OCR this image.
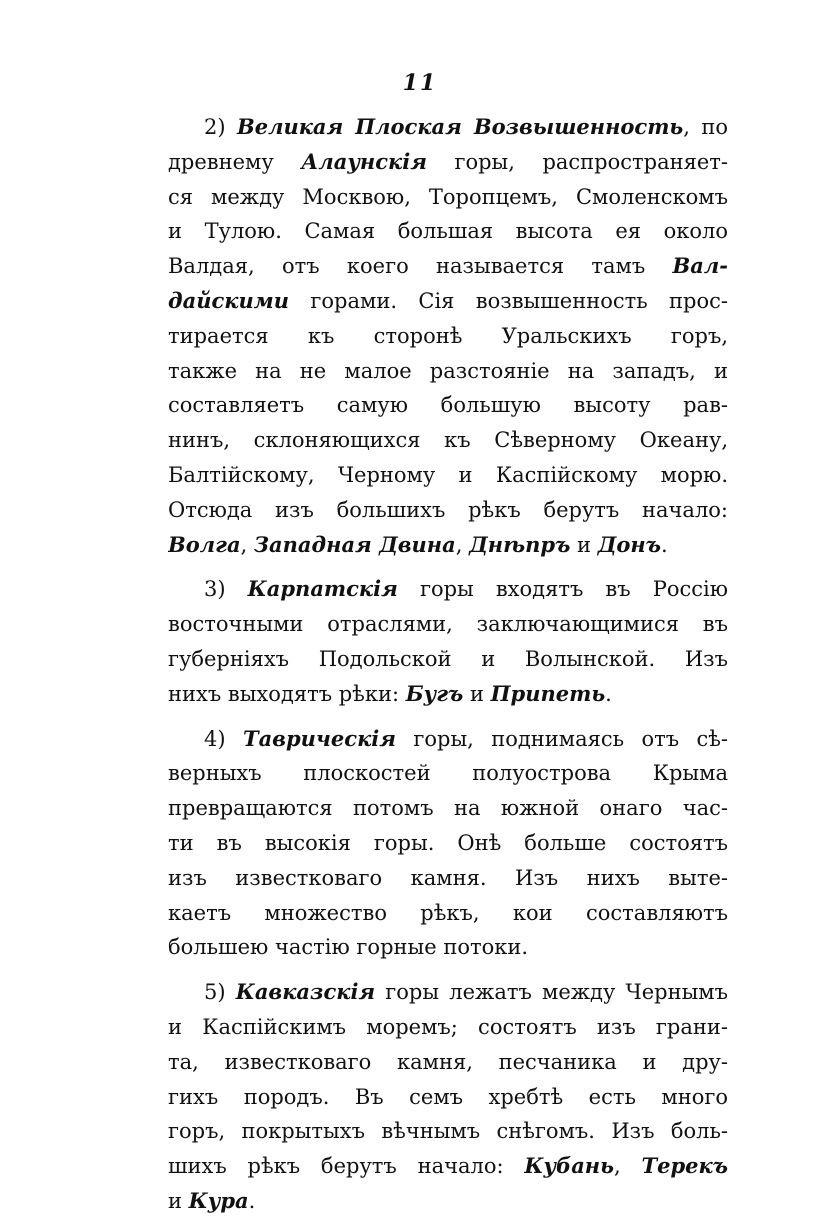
11
2) Великая Плоская Возвышенность, по
древнему Алаунскія горы, распространяет-
ся между Москвою, Торопцемъ, Смоленскомъ
и Тулою. Самая большая высота ея около
Валдая, отъ коего называется тамъ Вал-
дайскими горами. Сія возвышенность прос-
тирается къ сторонѣ Уральскихъ горъ,
также на не малое разстояніе на западъ, и
составляетъ самую большую высоту рав-
нинъ, склоняющихся къ Сѣверному Океану,
Балтійскому, Черному и Каспійскому морю.
Отсюда изъ большихъ рѣкъ берутъ начало:
Волга, Западная Двина, Днѣпръ и Донъ.
3) Карпатскія горы входятъ въ Россію
восточными отраслями, заключающимися въ
губерніяхъ Подольской и Волынской. Изъ
нихъ выходятъ рѣки: Бугъ и Припеть.
4) Таврическія горы, поднимаясь отъ сѣ-
верныхъ плоскостей полуострова Крыма
превращаются потомъ на южной онаго час-
ти въ высокія горы. Онѣ больше состоятъ
изъ известковаго камня. Изъ нихъ выте-
каетъ множество рѣкъ, кои составляютъ
большею частію горные потоки.
5) Кавказскія горы лежатъ между Чернымъ
и Каспійскимъ моремъ; состоятъ изъ грани-
та, известковаго камня, песчаника и дру-
гихъ породъ. Въ семъ хребтѣ есть много
горъ, покрытыхъ вѣчнымъ снѣгомъ. Изъ боль-
шихъ рѣкъ берутъ начало: Кубань, Терекъ
и Кура.
